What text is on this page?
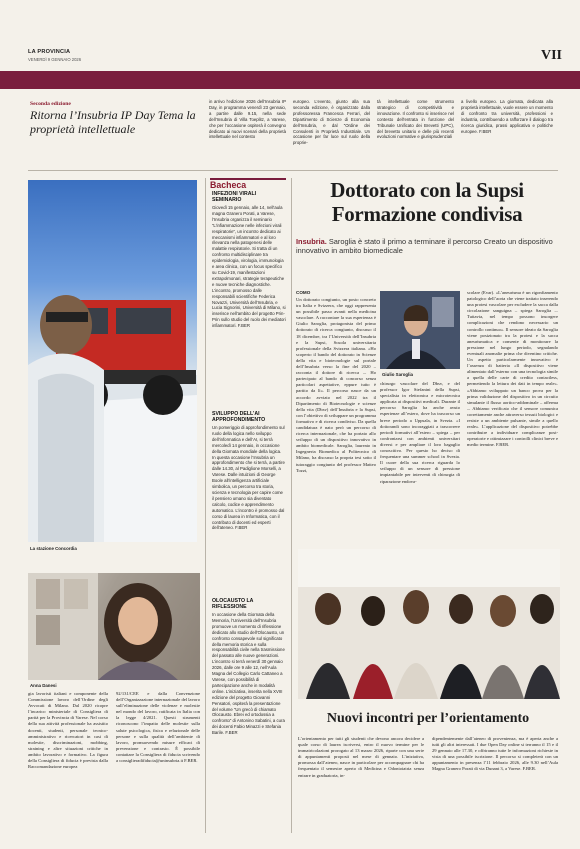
LA PROVINCIA
VENERDÌ 9 GENNAIO 2026	VII
Seconda edizione
Ritorna l’Insubria IP Day Tema la proprietà intellettuale
in arrivo l’edizione 2026 dell’Insubria IP Day, in programma venerdì 23 gennaio, a partire dalle 9.15, nella sede dell’Insubria di Villa Toeplitz, a Varese, che per l’occasione ospiterà il convegno dedicato ai nuovi scenari della proprietà intellettuale nel contesto
europeo. L’evento, giunto alla sua seconda edizione, è organizzato dalla professoressa Francesca Ferrari, del Dipartimento di Scienze di Economia dell’Insubria, e dal “Ordine dei Consulenti in Proprietà Industriale. Un occasione per far luce sul ruolo della proprie-
tà intellettuale come strumento strategico di competitività e innovazione. Il confronto si inserisce nel contesto dell’entrata in funzione del Tribunale Unificato dei Brevetti (UPC), del brevetto unitario e delle più recenti evoluzioni normative e giurisprudenziali
a livello europeo. La giornata, dedicata alla proprietà intellettuale, vuole essere un momento di confronto tra università, professioni e industria, contribuendo a rafforzare il dialogo tra ricerca giuridica, prassi applicativa e politiche europee. F.BER
La stazione Concordia
Anna Danesi
gia lavoristi italiani e componente della Commissione lavoro dell’Ordine degli Avvocati di Milano. Dal 2020 ricopre l’incarico ministeriale di Consigliera di parità per la Provincia di Varese. Nel corso della sua attività professionale ha assistito docenti, studenti, personale tecnico-amministrativo e ricercatori in casi di molestie, discriminazioni, mobbing, straining e altre situazioni critiche in ambito lavorativo e formativo. La figura della Consigliera di fiducia è prevista dalla Raccomandazione europea
92/131/CEE e dalla Convenzione dell’Organizzazione internazionale del lavoro sull’eliminazione delle violenze e molestie nel mondo del lavoro, ratificata in Italia con la legge 4/2021. Questi strumenti riconoscono l’impatto delle molestie sulla salute psicologica, fisica e relazionale delle persone e sulla qualità dell’ambiente di lavoro, promuovendo misure efficaci di prevenzione e contrasto. È possibile contattare la Consigliera di fiducia scrivendo a consiglieradifiducia@uninsubria.it F.BER.
Bacheca
INFEZIONI VIRALI SEMINARIO
Giovedì 15 gennaio, alle 14, nell’aula magna Granero Porati, a Varese, l’Insubria organizza il seminario “L’infiammazione nelle infezioni virali respiratorie”, un incontro dedicato ai meccanismi infiammatori e al loro rilevanza nella patogenesi delle malattie respiratorie. Si tratta di un confronto multidisciplinare tra epidemiologia, virologia, immunologia e area clinica, con un focus specifico su Covid-19, manifestazioni extrapolmonari, strategie terapeutiche e nuove tecniche diagnostiche. L’incontro, promosso dalle responsabili scientifiche Federica Novazzi, Università dell’Insubria, e Lucia Signorini, Università di Milano, si inserisce nell’ambito del progetto Prin-Prin sullo studio del ruolo dei mediatori infiammatori. F.BER
SVILUPPO DELL’AI APPROFONDIMENTO
Un pomeriggio di approfondimento sul ruolo della logica nello sviluppo dell’informatica e dell’AI, si terrà mercoledì 14 gennaio, in occasione della Giornata mondiale della logica. In questa occasione l’Insubria un approfondimento che si terrà, a partire dalle 14.30, al Padiglione Morselli, a Varese. Dalle intuizioni di George Boole all’intelligenza artificiale simbolica, un percorso tra storia, scienza e tecnologia per capire come il pensiero umano sia diventato calcolo, codice e apprendimento automatico. L’incontro è promosso dal corso di laurea in Informatica, con il contributo di docenti ed esperti dell’ateneo. F.BER
OLOCAUSTO LA RIFLESSIONE
In occasione della Giornata della Memoria, l’Università dell’Insubria promuove un momento di riflessione dedicato allo studio dell’Olocausto, un confronto consapevole sul significato della memoria storica e sulla responsabilità civile nella trasmissione del passato alle nuove generazioni. L’incontro si terrà venerdì 30 gennaio 2026, dalle ore 9 alle 12, nell’Aula Magna del Collegio Carlo Cattaneo a Varese, con possibilità di partecipazione anche in modalità online. L’iniziativa, inserita nella XVIII edizione del progetto Giovanni Pensatori, ospiterà la presentazione del volume “Un grecò di chiamato Olocausto. Ebrei ed ortodossia a confronto” di Antonino Sabatini, a cura dei docenti Fabio Minazzi e Stefania Barile. F.BER
Dottorato con la Supsi Formazione condivisa
Insubria. Saroglia è stato il primo a terminare il percorso Creato un dispositivo innovativo in ambito biomedicale
COMO
Un dottorato congiunto, un posto concreto tra Italia e Svizzera, che oggi rappresenta un possibile passo avanti nella medicina vascolare. A raccontare la sua esperienza è Giulio Saroglia, protagonista del primo dottorato di ricerca congiunto, discusso il 18 dicembre, tra l’Università dell’Insubria e la Supsi, Scuola universitaria professionale della Svizzera italiana. «Ho scoperto il bando del dottorato in Scienze della vita e biotecnologie sul portale dell’Insubria verso la fine del 2020 – racconta il dottore di ricerca –. Ho partecipato al bando di concorso senza particolari aspettative, eppure tutto è partito da lì». Il percorso nasce da un accordo avviato nel 2022 tra il Dipartimento di Biotecnologie e scienze della vita (Dbsv) dell’Insubria e la Supsi, con l’obiettivo di sviluppare un programma formativo e di ricerca condiviso. Da quella candidatura è nato però un percorso di ricerca internazionale, che ha portato allo sviluppo di un dispositivo innovativo in ambito biomedicale. Saroglia, laureato in Ingegneria Biomedica al Politecnico di Milano, ha discusso la propria tesi sotto il tutoraggio congiunto del professor Matteo Tozzi,
Giulio Saroglia
chirurgo vascolare del Dbsv, e del professor Igor Stefanini della Supsi, specialista in elettronica e microtecnica applicata ai dispositivi medicali. Durante il percorso Saroglia ha anche avuto esperienze all’estero, dove ha trascorso un breve periodo a Uppsala, in Svezia. «I dottorandi sono incoraggiati a trascorrere periodi formativi all’estero – spiega – per confrontarsi con ambienti universitari diversi e per ampliare il loro bagaglio conoscitivo. Per questo ho deciso di frequentare una summer school in Svezia. Il cuore della sua ricerca riguarda lo sviluppo di un sensore di pressione impiantabile per interventi di chirurgia di riparazione endova-
scolare (Evar). «L’aneurisma è un rigonfiamento patologico dell’aorta che viene trattato inserendo una protesi vascolare per escludere la sacca dalla circolazione sanguigna – spiega Saroglia –. Tuttavia, nel tempo possono insorgere complicazioni che rendono necessario un controllo continuo». Il sensore ideato da Saroglia viene posizionato tra la protesi e la sacca aneurismatica e consente di monitorare la pressione nel lungo periodo, segnalando eventuali anomalie prima che diventino critiche. Un aspetto particolarmente innovativo è l’assenza di batteria «Il dispositivo viene alimentato dall’esterno con una tecnologia simile a quella delle carte di credito contactless, permettendo la lettura dei dati in tempo reale». «Abbiamo sviluppato un banco prova per la prima validazione del dispositivo in un circuito simulante il flusso aortico-addominale – afferma –. Abbiamo verificato che il sensore comunica correttamente anche attraverso tessuti biologici e resiste a un ambiente pulsante, simile a quello reale». L’applicazione del dispositivo potrebbe contribuire a individuare complicanze post-operatorie e ottimizzare i controlli clinici breve e medio termine. F.BER.
Nuovi incontri per l’orientamento
L’orientamento per tutti gli studenti che devono ancora decidere a quale corso di laurea iscriversi, entro il nuovo termine per le immatricolazioni prorogato al 13 marzo 2026, riparte con una serie di appuntamenti proposti nel mese di gennaio. L’iniziativa, promossa dall’ateneo, nasce in particolare per accompagnare chi ha frequentato il semestre aperto di Medicina e Odontoiatria senza entrare in graduatoria, in-
dipendentemente dall’ateneo di provenienza, ma è aperta anche a tutti gli altri interessati. I due Open Day online si terranno il 15 e il 29 gennaio alle 17.30, e offriranno tutte le informazioni richieste in vista di una possibile iscrizione. Il percorso si completerà con un appuntamento in presenza l’11 febbraio 2026, alle 9.30 nell’Aula Magna Granero Porati di via Dunant 3, a Varese. F.BER.
